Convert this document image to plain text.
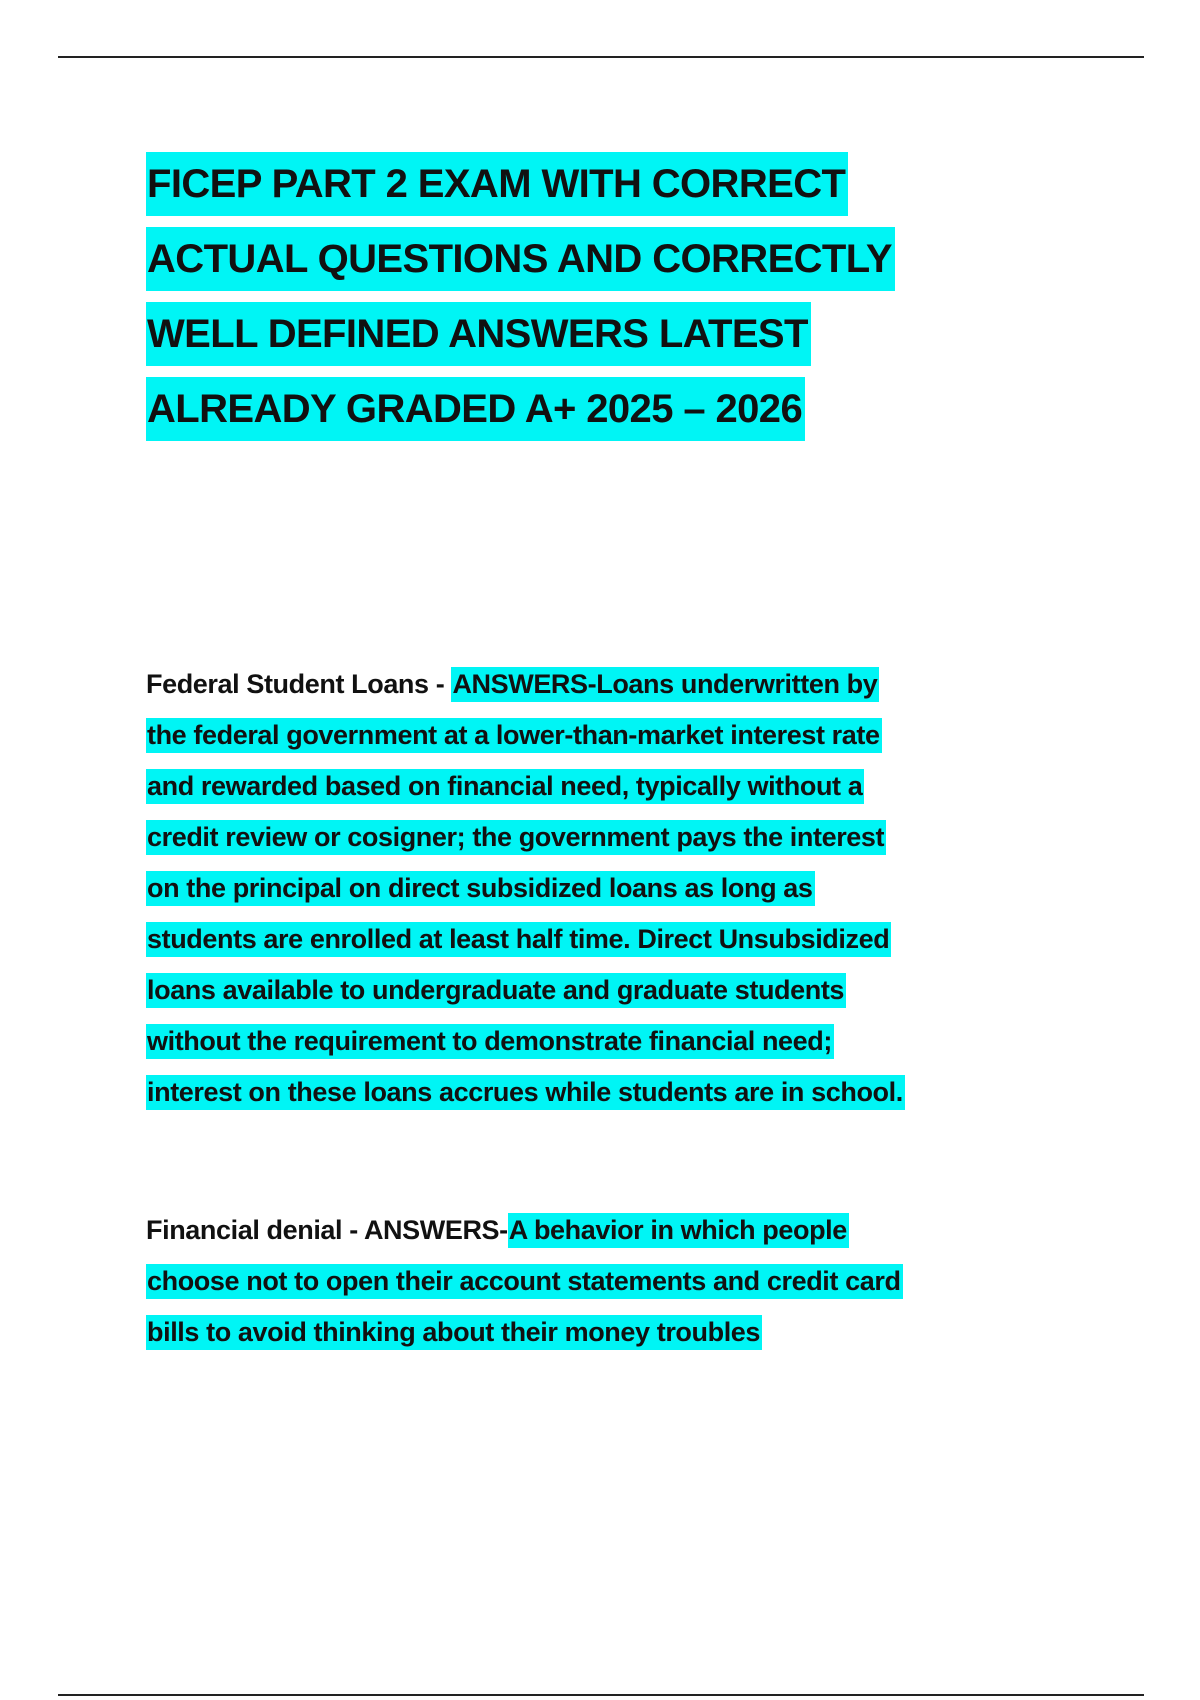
FICEP PART 2 EXAM WITH CORRECT
ACTUAL QUESTIONS AND CORRECTLY
WELL DEFINED ANSWERS LATEST
ALREADY GRADED A+ 2025 – 2026
Federal Student Loans - ANSWERS-Loans underwritten by
the federal government at a lower-than-market interest rate
and rewarded based on financial need, typically without a
credit review or cosigner; the government pays the interest
on the principal on direct subsidized loans as long as
students are enrolled at least half time. Direct Unsubsidized
loans available to undergraduate and graduate students
without the requirement to demonstrate financial need;
interest on these loans accrues while students are in school.
Financial denial - ANSWERS-A behavior in which people
choose not to open their account statements and credit card
bills to avoid thinking about their money troubles
